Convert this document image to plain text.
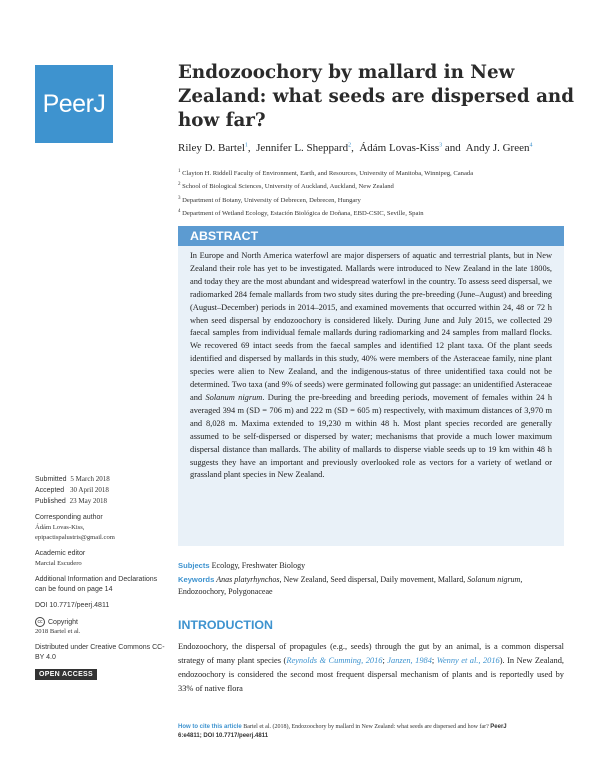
PeerJ
Endozoochory by mallard in New Zealand: what seeds are dispersed and how far?
Riley D. Bartel$^1$,  Jennifer L. Sheppard$^2$,  Ádám Lovas-Kiss$^3$ and  Andy J. Green$^4$
$^1$ Clayton H. Riddell Faculty of Environment, Earth, and Resources, University of Manitoba, Winnipeg, Canada
$^2$ School of Biological Sciences, University of Auckland, Auckland, New Zealand
$^3$ Department of Botany, University of Debrecen, Debrecen, Hungary
$^4$ Department of Wetland Ecology, Estación Biológica de Doñana, EBD-CSIC, Seville, Spain
ABSTRACT

In Europe and North America waterfowl are major dispersers of aquatic and terrestrial plants, but in New Zealand their role has yet to be investigated. Mallards were introduced to New Zealand in the late 1800s, and today they are the most abundant and widespread waterfowl in the country. To assess seed dispersal, we radiomarked 284 female mallards from two study sites during the pre-breeding (June–August) and breeding (August–December) periods in 2014–2015, and examined movements that occurred within 24, 48 or 72 h when seed dispersal by endozoochory is considered likely. During June and July 2015, we collected 29 faecal samples from individual female mallards during radiomarking and 24 samples from mallard flocks. We recovered 69 intact seeds from the faecal samples and identified 12 plant taxa. Of the plant seeds identified and dispersed by mallards in this study, 40% were members of the Asteraceae family, nine plant species were alien to New Zealand, and the indigenous-status of three unidentified taxa could not be determined. Two taxa (and 9% of seeds) were germinated following gut passage: an unidentified Asteraceae and Solanum nigrum. During the pre-breeding and breeding periods, movement of females within 24 h averaged 394 m (SD = 706 m) and 222 m (SD = 605 m) respectively, with maximum distances of 3,970 m and 8,028 m. Maxima extended to 19,230 m within 48 h. Most plant species recorded are generally assumed to be self-dispersed or dispersed by water; mechanisms that provide a much lower maximum dispersal distance than mallards. The ability of mallards to disperse viable seeds up to 19 km within 48 h suggests they have an important and previously overlooked role as vectors for a variety of wetland or grassland plant species in New Zealand.

Subjects Ecology, Freshwater Biology
Keywords Anas platyrhynchos, New Zealand, Seed dispersal, Daily movement, Mallard, Solanum nigrum, Endozoochory, Polygonaceae
INTRODUCTION

Endozoochory, the dispersal of propagules (e.g., seeds) through the gut by an animal, is a common dispersal strategy of many plant species (Reynolds & Cumming, 2016; Janzen, 1984; Wenny et al., 2016). In New Zealand, endozoochory is considered the second most frequent dispersal mechanism of plants and is reportedly used by 33% of native flora

Submitted 5 March 2018
Accepted 30 April 2018
Published 23 May 2018
Corresponding author
Ádám Lovas-Kiss,
epipactispalustris@gmail.com
Academic editor
Marcial Escudero
Additional Information and Declarations can be found on page 14
DOI 10.7717/peerj.4811
cc Copyright
2018 Bartel et al.
Distributed under Creative Commons CC-BY 4.0
OPEN ACCESS
How to cite this article Bartel et al. (2018), Endozoochory by mallard in New Zealand: what seeds are dispersed and how far? PeerJ
6:e4811; DOI 10.7717/peerj.4811
